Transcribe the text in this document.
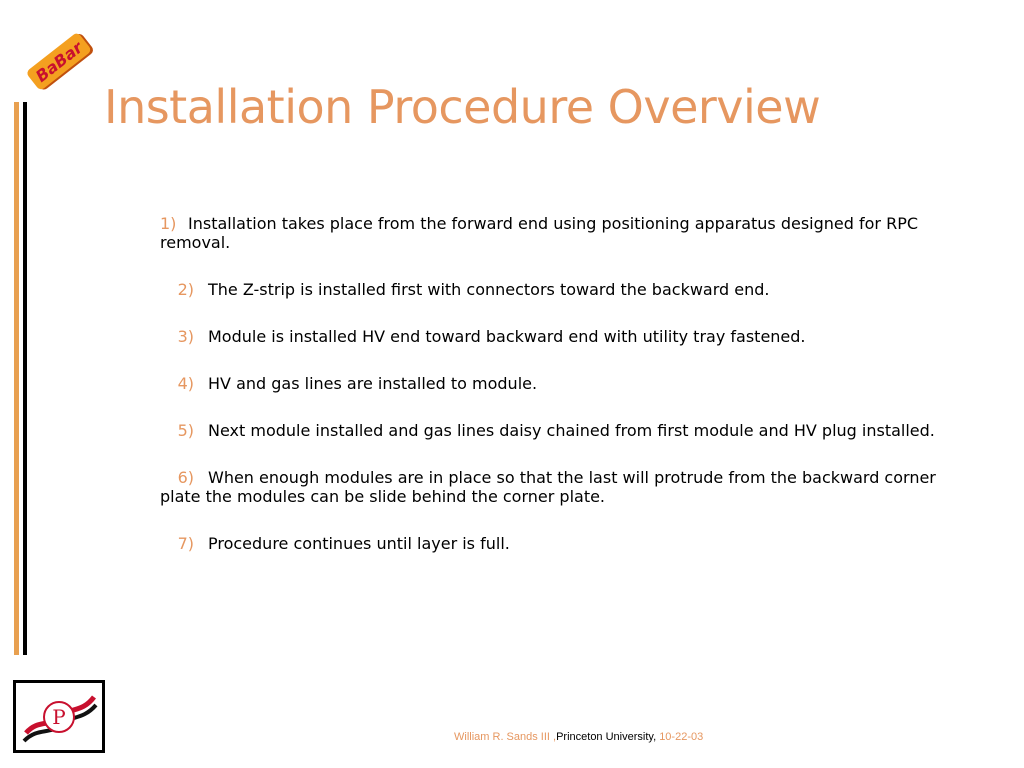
BaBar
Installation Procedure Overview
1) Installation takes place from the forward end using positioning apparatus designed for RPC removal.
2) The Z-strip is installed first with connectors toward the backward end.
3) Module is installed HV end toward backward end with utility tray fastened.
4) HV and gas lines are installed to module.
5) Next module installed and gas lines daisy chained from first module and HV plug installed.
6) When enough modules are in place so that the last will protrude from the backward corner plate the modules can be slide behind the corner plate.
7) Procedure continues until layer is full.
P
William R. Sands III ,Princeton University, 10-22-03
